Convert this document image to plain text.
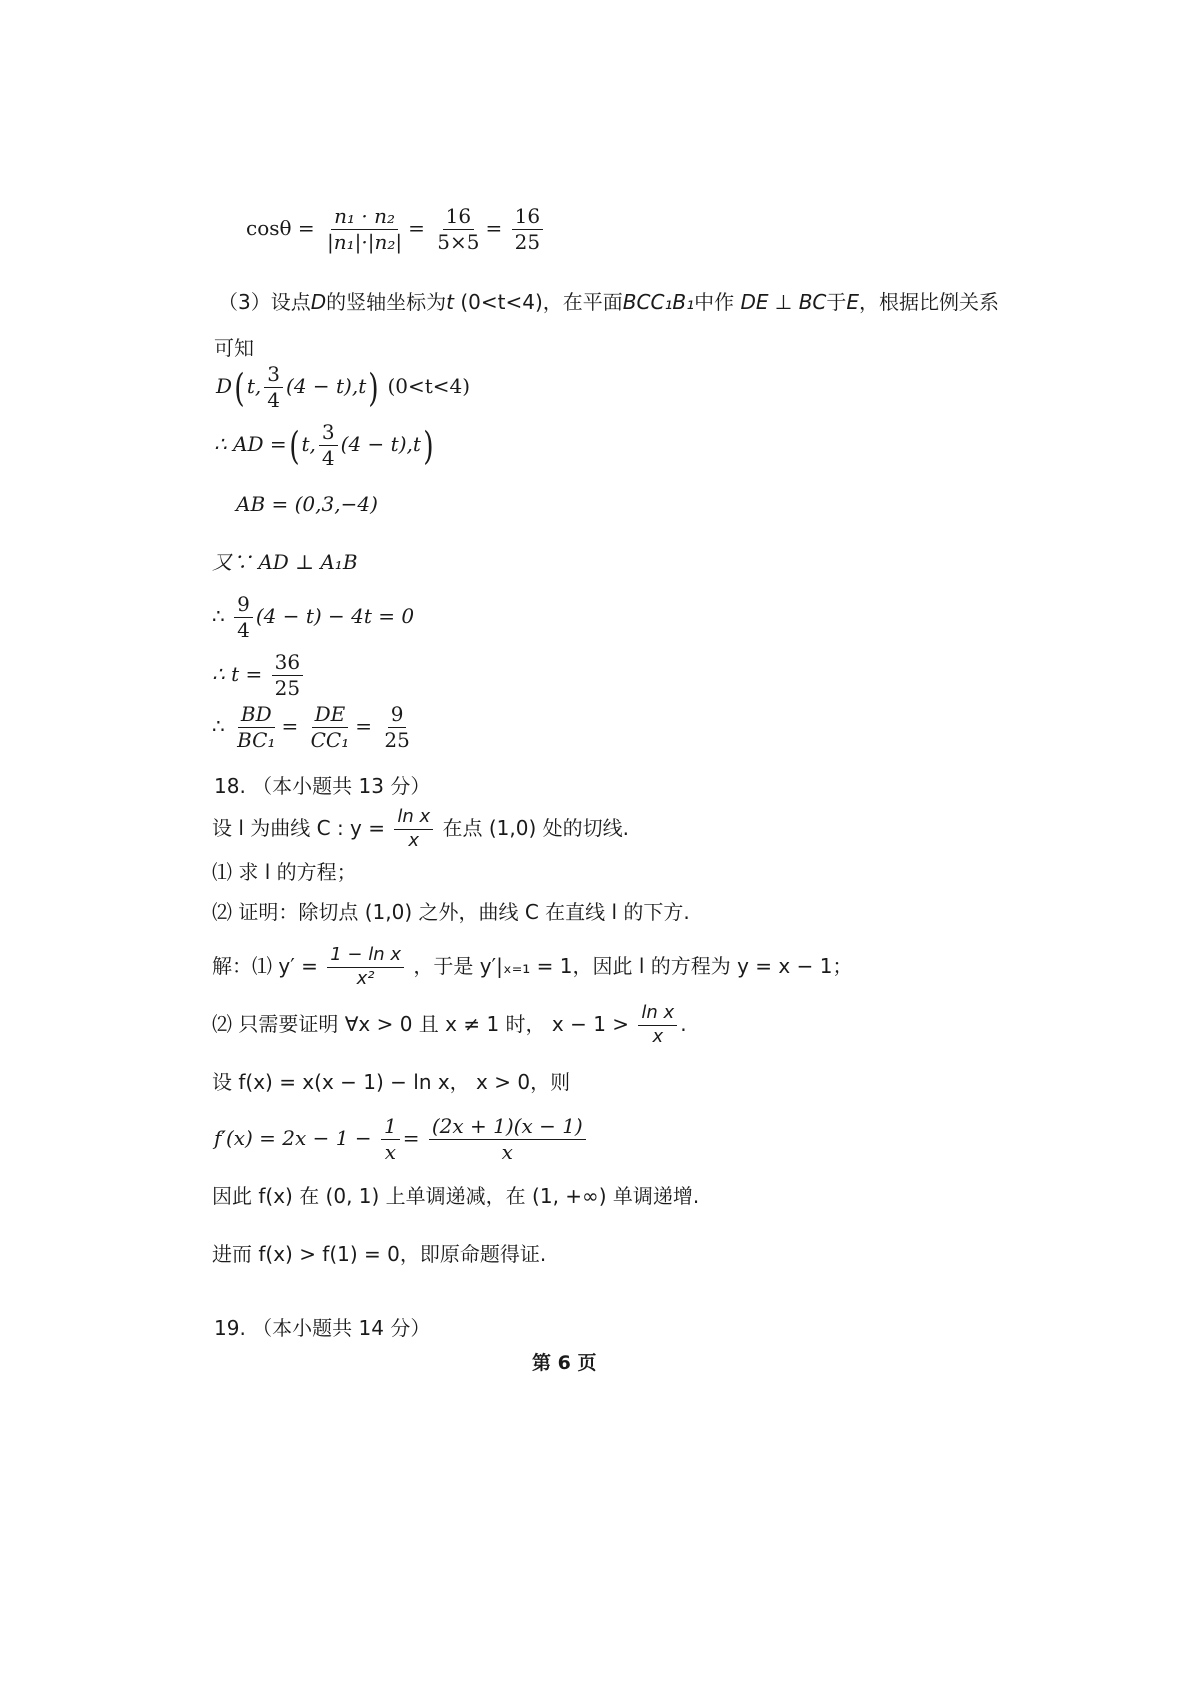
$\cos\theta = \frac{\text{n₁ · n₂}}{\text{|n₁|·|n₂|}} = \frac{16}{5\times 5} = \frac{16}{25}$
（3）设点D的竖轴坐标为t (0<t<4)，在平面BCC₁B₁中作 DE ⊥ BC于E，根据比例关系
可知
D( t, $\frac{3}{4} (4 - t),t$) (0<t<4)
∴ AD =( t, $\frac{3}{4} (4 - t),t$)
AB = (0,3,−4)
又∵ AD ⊥ A₁B
∴ $\frac{9}{4} (4 - t) - 4t = 0$
∴ $t = \frac{36}{25}$
∴ $\frac{BD}{\text{BC₁}} = \frac{DE}{\text{CC₁}} = \frac{9}{25}$
18. （本小题共 13 分）
设 l 为曲线 C : $y = \frac{\text{ln x}}{x}$ 在点 (1,0) 处的切线.
⑴ 求 l 的方程；
⑵ 证明：除切点 (1,0) 之外，曲线 C 在直线 l 的下方.
解：⑴ $y' = \frac{\text{1 − ln x}}{\text{x²}}$ ，于是 y′|ₓ₌₁ = 1，因此 l 的方程为 y = x − 1；
⑵ 只需要证明 ∀x > 0 且 x ≠ 1 时， $x - 1 > \frac{\text{ln x}}{x}$ .
设 f(x) = x(x − 1) − ln x， x > 0，则
$f'(x) = 2x - 1 - \frac{1}{x} = \frac{(2x + 1)(x - 1)}{x}$
因此 f(x) 在 (0, 1) 上单调递减，在 (1, +∞) 单调递增.
进而 f(x) > f(1) = 0，即原命题得证.
19. （本小题共 14 分）
第 6 页
